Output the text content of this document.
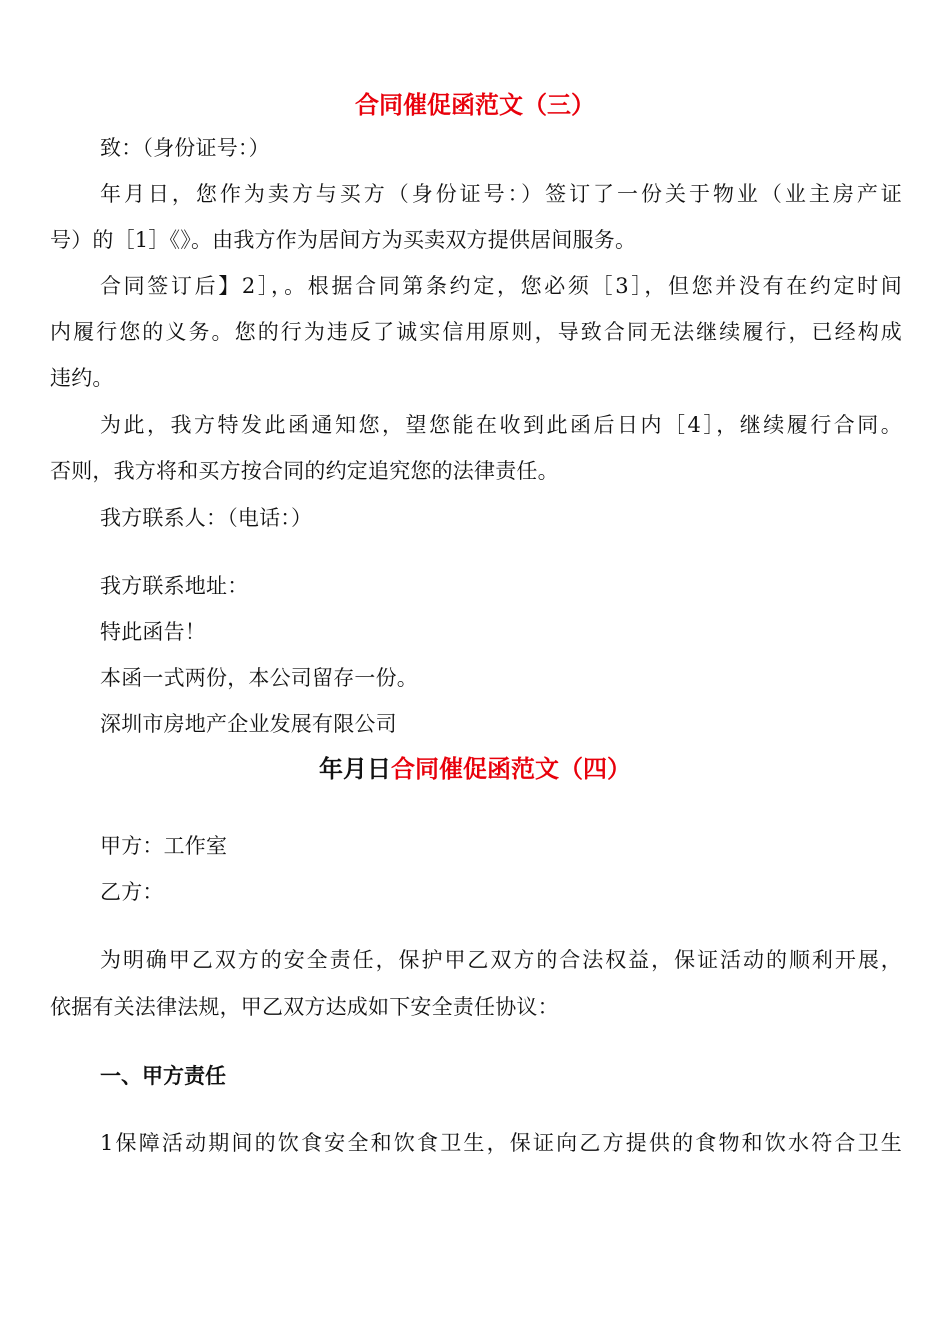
合同催促函范文（三）
致：（身份证号：）
年月日，您作为卖方与买方（身份证号：）签订了一份关于物业（业主房产证
号）的［1］《》。由我方作为居间方为买卖双方提供居间服务。
合同签订后】2］，。根据合同第条约定，您必须［3］，但您并没有在约定时间
内履行您的义务。您的行为违反了诚实信用原则，导致合同无法继续履行，已经构成
违约。
为此，我方特发此函通知您，望您能在收到此函后日内［4］，继续履行合同。
否则，我方将和买方按合同的约定追究您的法律责任。
我方联系人：（电话：）
我方联系地址：
特此函告！
本函一式两份，本公司留存一份。
深圳市房地产企业发展有限公司
年月日合同催促函范文（四）
甲方：工作室
乙方：
为明确甲乙双方的安全责任，保护甲乙双方的合法权益，保证活动的顺利开展，
依据有关法律法规，甲乙双方达成如下安全责任协议：
一、甲方责任
1保障活动期间的饮食安全和饮食卫生，保证向乙方提供的食物和饮水符合卫生
